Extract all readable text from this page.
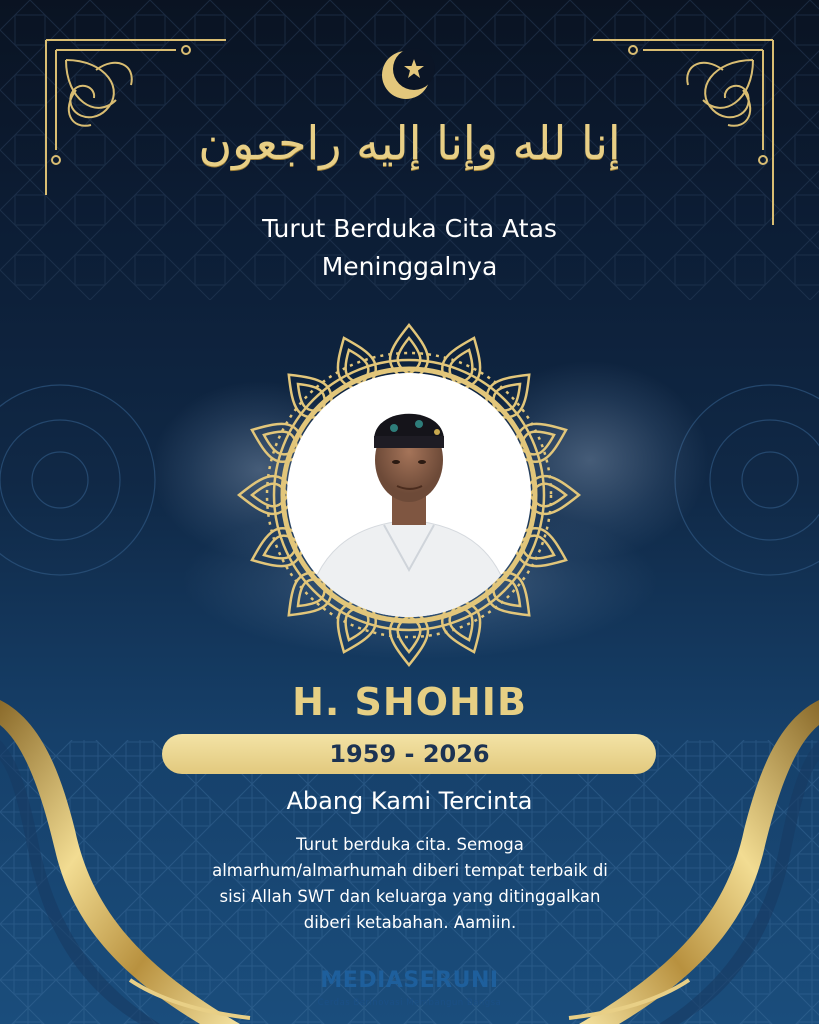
إنا لله وإنا إليه راجعون
Turut Berduka Cita Atas
Meninggalnya
H. SHOHIB
1959 - 2026
Abang Kami Tercinta
Turut berduka cita. Semoga
almarhum/almarhumah diberi tempat terbaik di
sisi Allah SWT dan keluarga yang ditinggalkan
diberi ketabahan. Aamiin.
MEDIASERUNI
Cerdas Berinovasi Membangun Bangsa
